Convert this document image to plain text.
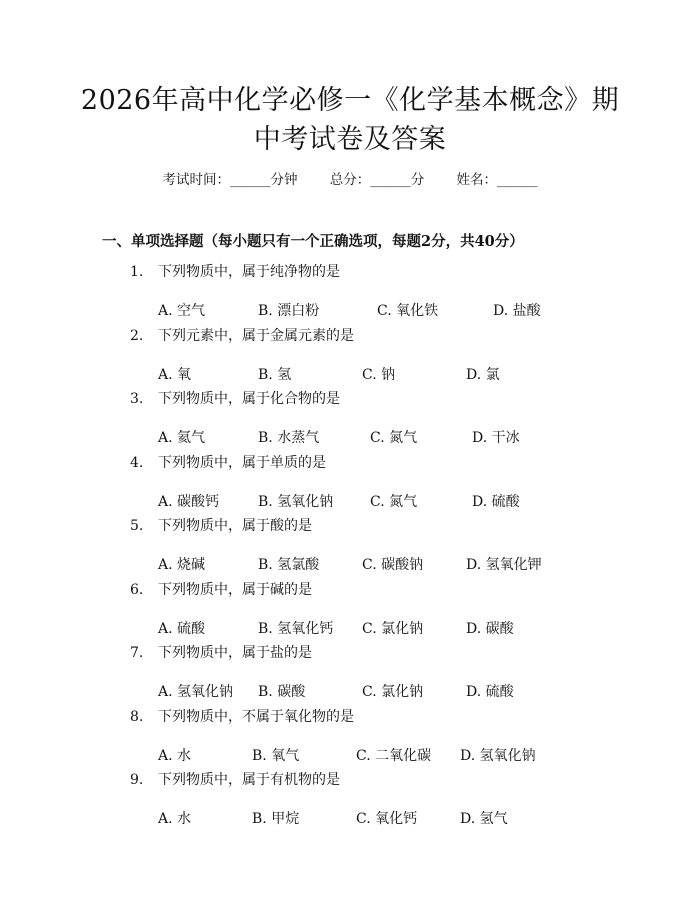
2026年高中化学必修一《化学基本概念》期
中考试卷及答案
考试时间：______分钟 总分：______分 姓名：______
一、单项选择题（每小题只有一个正确选项，每题2分，共40分）
1. 下列物质中，属于纯净物的是
A. 空气	B. 漂白粉	C. 氧化铁	D. 盐酸
2. 下列元素中，属于金属元素的是
A. 氧	B. 氢	C. 钠	D. 氯
3. 下列物质中，属于化合物的是
A. 氦气	B. 水蒸气	C. 氮气	D. 干冰
4. 下列物质中，属于单质的是
A. 碳酸钙	B. 氢氧化钠	C. 氮气	D. 硫酸
5. 下列物质中，属于酸的是
A. 烧碱	B. 氢氯酸	C. 碳酸钠	D. 氢氧化钾
6. 下列物质中，属于碱的是
A. 硫酸	B. 氢氧化钙 C. 氯化钠	D. 碳酸
7. 下列物质中，属于盐的是
A. 氢氧化钠 B. 碳酸	C. 氯化钠	D. 硫酸
8. 下列物质中，不属于氧化物的是
A. 水	B. 氧气	C. 二氧化碳 D. 氢氧化钠
9. 下列物质中，属于有机物的是
A. 水	B. 甲烷	C. 氧化钙	D. 氢气
